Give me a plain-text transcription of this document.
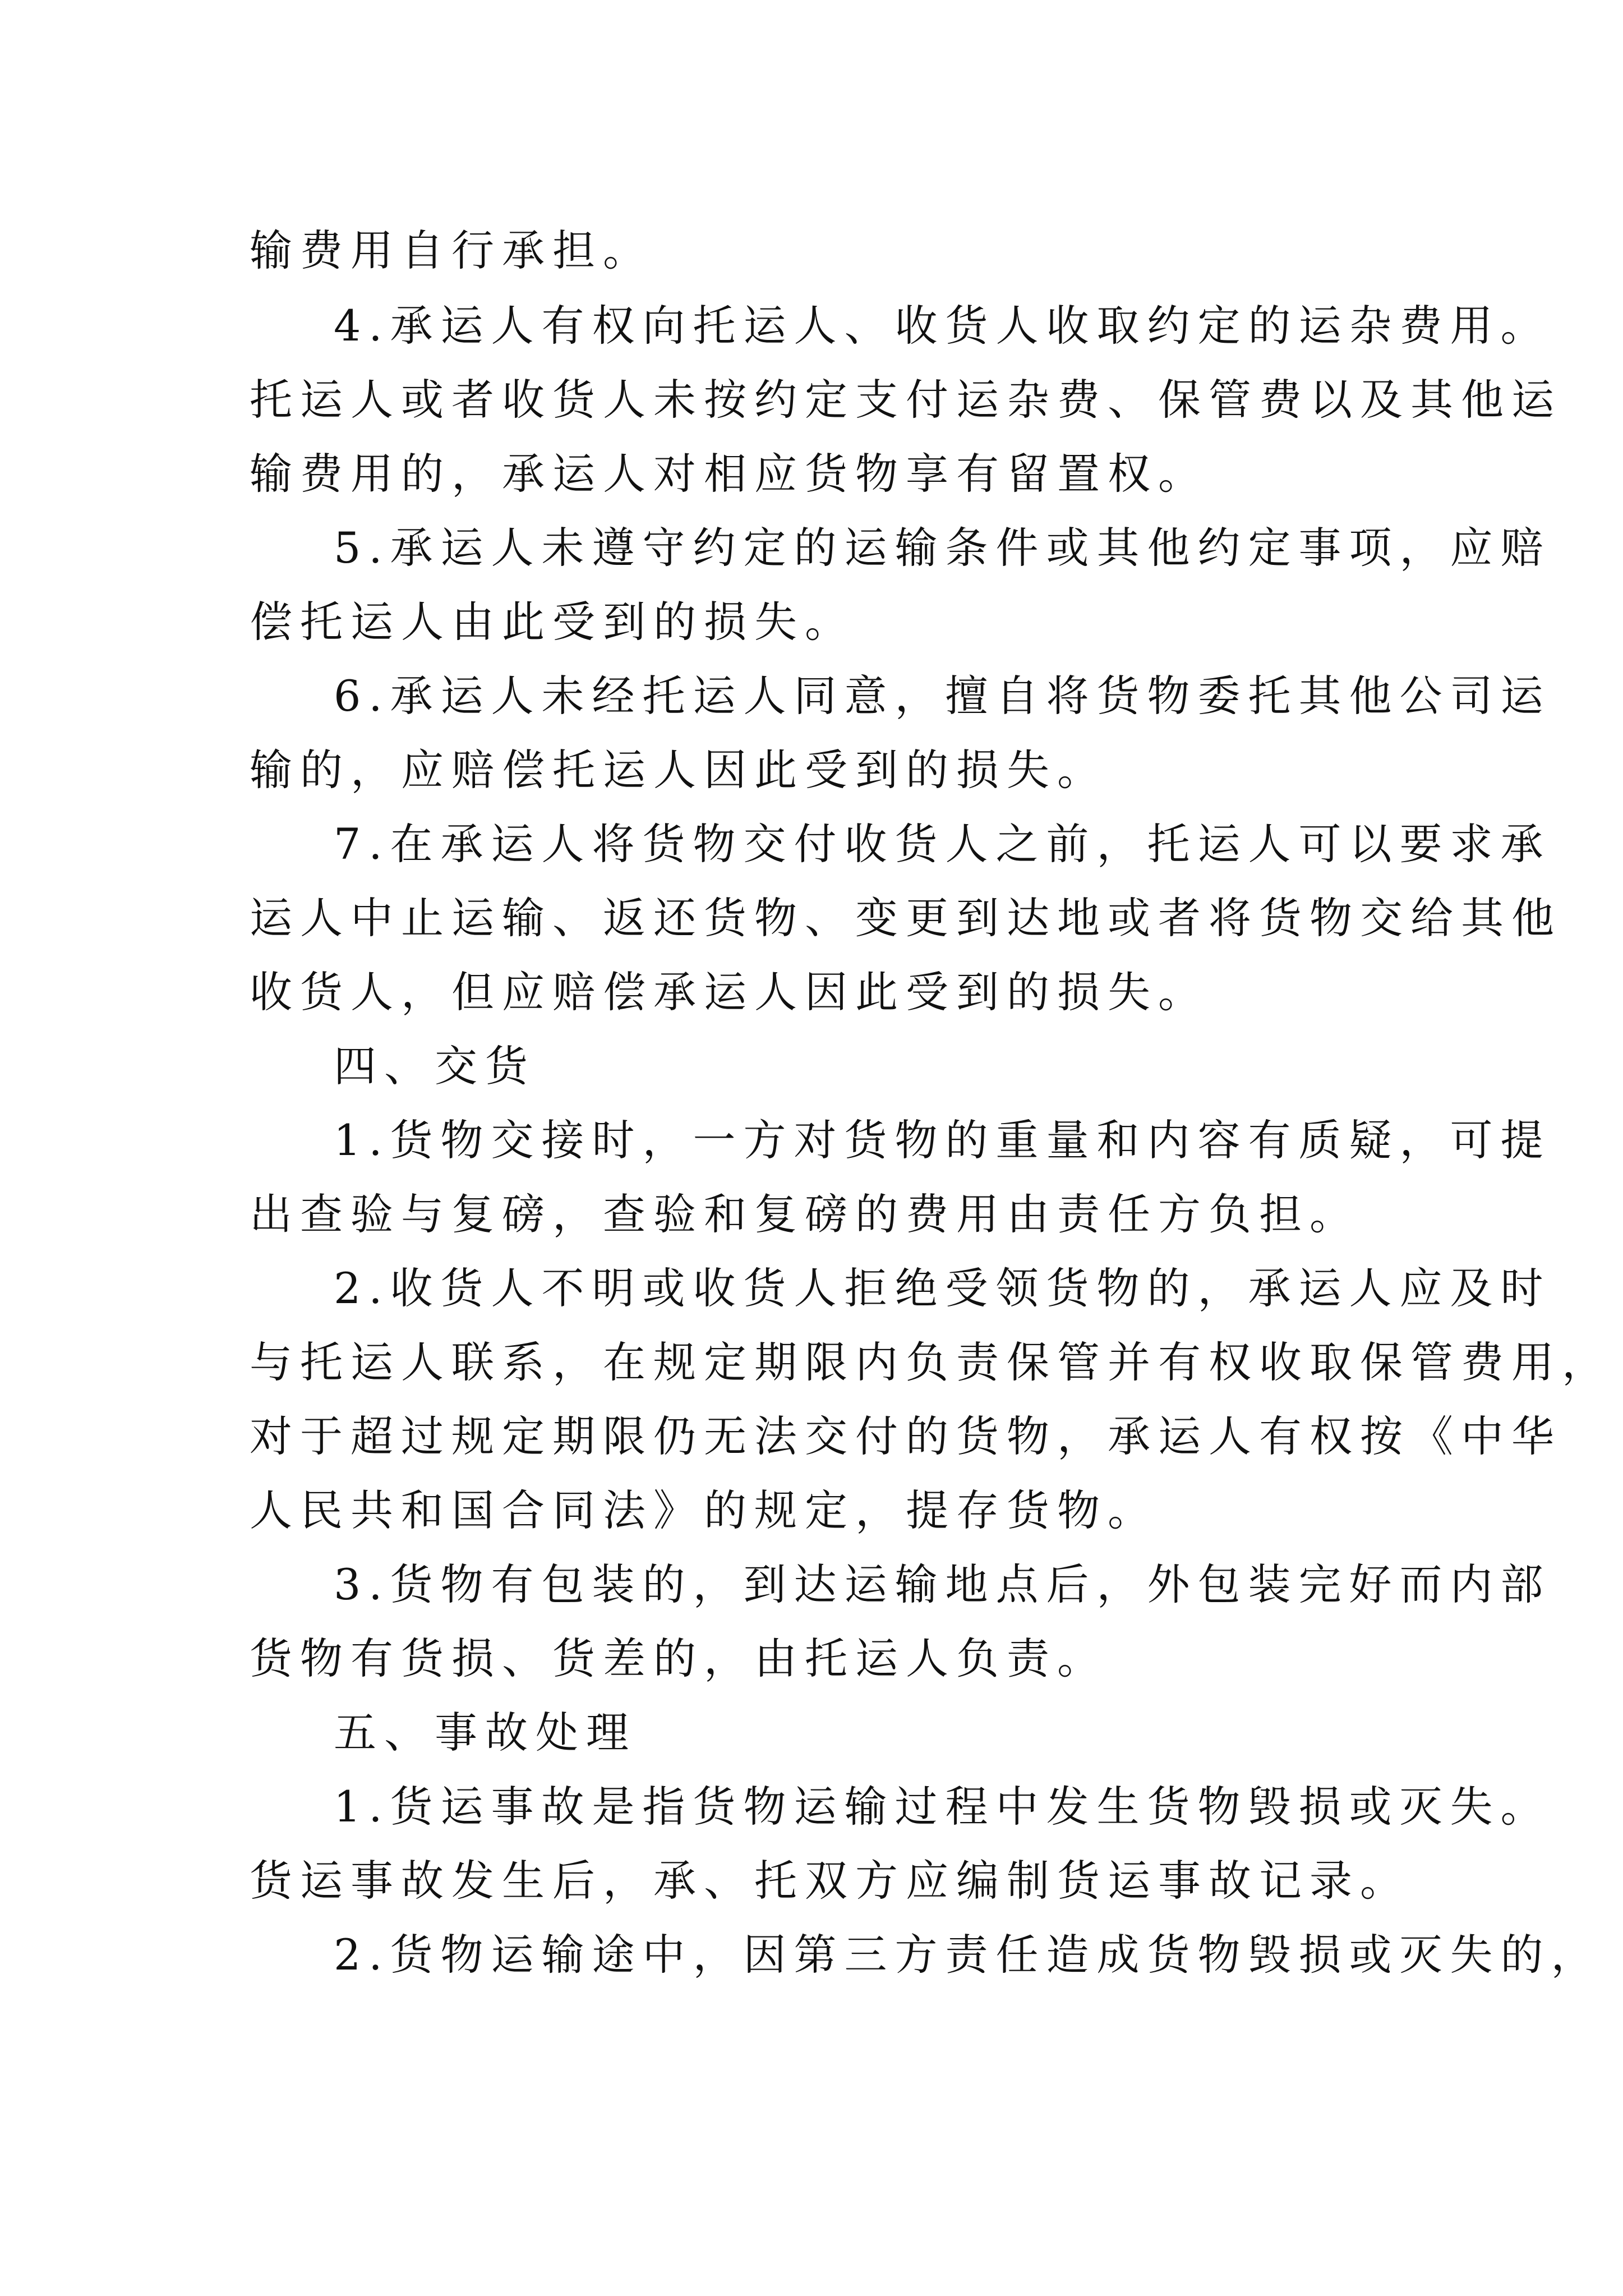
输费用自行承担。
4.承运人有权向托运人、收货人收取约定的运杂费用。
托运人或者收货人未按约定支付运杂费、保管费以及其他运
输费用的，承运人对相应货物享有留置权。
5.承运人未遵守约定的运输条件或其他约定事项，应赔
偿托运人由此受到的损失。
6.承运人未经托运人同意，擅自将货物委托其他公司运
输的，应赔偿托运人因此受到的损失。
7.在承运人将货物交付收货人之前，托运人可以要求承
运人中止运输、返还货物、变更到达地或者将货物交给其他
收货人，但应赔偿承运人因此受到的损失。
四、交货
1.货物交接时，一方对货物的重量和内容有质疑，可提
出查验与复磅，查验和复磅的费用由责任方负担。
2.收货人不明或收货人拒绝受领货物的，承运人应及时
与托运人联系，在规定期限内负责保管并有权收取保管费用，
对于超过规定期限仍无法交付的货物，承运人有权按《中华
人民共和国合同法》的规定，提存货物。
3.货物有包装的，到达运输地点后，外包装完好而内部
货物有货损、货差的，由托运人负责。
五、事故处理
1.货运事故是指货物运输过程中发生货物毁损或灭失。
货运事故发生后，承、托双方应编制货运事故记录。
2.货物运输途中，因第三方责任造成货物毁损或灭失的，
